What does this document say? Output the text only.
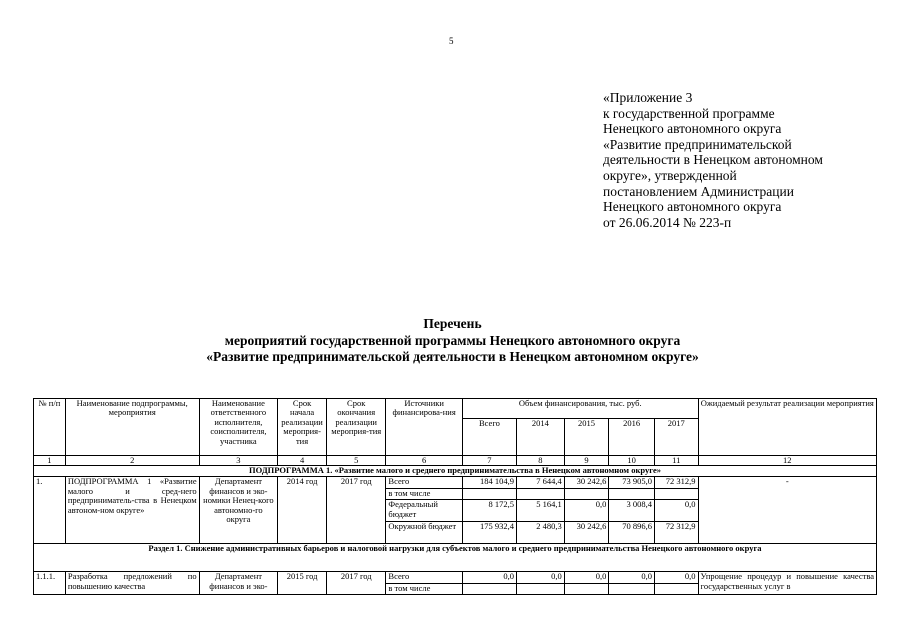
5
«Приложение 3
к государственной программе
Ненецкого автономного округа
«Развитие предпринимательской
деятельности в Ненецком автономном
округе», утвержденной
постановлением Администрации
Ненецкого автономного округа
от 26.06.2014 № 223-п
Перечень
мероприятий государственной программы Ненецкого автономного округа
«Развитие предпринимательской деятельности в Ненецком автономном округе»
№ п/п	Наименование подпрограммы, мероприятия	Наименование ответственного исполнителя, соисполнителя, участника	Срок начала реализации мероприя-тия	Срок окончания реализации мероприя-тия	Источники финансирова-ния	Объем финансирования, тыс. руб.					Ожидаемый результат реализации мероприятия
						Всего	2014	2015	2016	2017	
1	2	3	4	5	6	7	8	9	10	11	12
ПОДПРОГРАММА 1. «Развитие малого и среднего предпринимательства в Ненецком автономном округе»											
1.	ПОДПРОГРАММА 1 «Развитие малого и сред-него предприниматель-ства в Ненецком автоном-ном округе»	Департамент финансов и эко-номики Ненец-кого автономно-го округа	2014 год	2017 год	Всего	184 104,9	7 644,4	30 242,6	73 905,0	72 312,9	-
					в том числе						
					Федеральный бюджет	8 172,5	5 164,1	0,0	3 008,4	0,0	
					Окружной бюджет	175 932,4	2 480,3	30 242,6	70 896,6	72 312,9	
Раздел 1. Снижение административных барьеров и налоговой нагрузки для субъектов малого и среднего предпринимательства Ненецкого автономного округа											
1.1.1.	Разработка предложений по повышению качества	Департамент финансов и эко-	2015 год	2017 год	Всего	0,0	0,0	0,0	0,0	0,0	Упрощение процедур и повышение качества государственных услуг в
					в том числе						
